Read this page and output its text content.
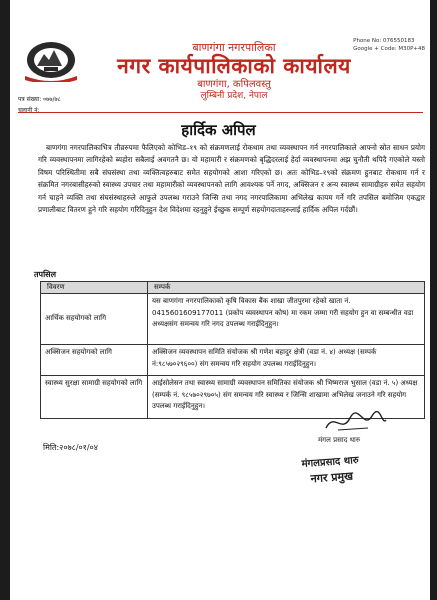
बाणगंगा नगरपालिका
नगर कार्यपालिकाको कार्यालय
बाणगंगा, कपिलवस्तु
लुम्बिनी प्रदेश, नेपाल
Phone No: 076550183
Google + Code: M30P+48
पत्र संख्या: ०७७/७८
चलानी नं:
हार्दिक अपिल

बाणगंगा नगरपालिकाभित्र तीव्ररुपमा फैलिएको कोभिड–१९ को संक्रमणलाई रोकथाम तथा व्यवस्थापन गर्न नगरपालिकाले आफ्नो स्रोत साधन प्रयोग गरि व्यवस्थापनमा लागिरहेको ब्यहोरा सबैलाई अवगतनै छ। यो महामारी र संक्रमणको बृद्धिदरलाई हेर्दा व्यवस्थापनमा अझ चुनौती थपिदै गएकोले यस्तो विषम परिस्थितीमा सबै संघसंस्था तथा व्यक्तित्वहरुबाट समेत सहयोगको आशा गरिएको छ। अतः कोभिड–१९को संक्रमण हुनबाट रोकथाम गर्न र संक्रमित नगरबासीहरुको स्वास्थ्य उपचार तथा महामारीको व्यवस्थापनको लागि आवश्यक पर्ने नगद, अक्सिजन र अन्य स्वास्थ्य सामाग्रीहरु समेत सहयोग गर्न चाहने व्यक्ति तथा संघसंस्थाहरुले आफुले उपलब्ध गराउने जिन्सि तथा नगद नगरपालिकामा अभिलेख कायम गर्ने गरि तपसिल बमोजिम एकद्वार प्रणालीबाट वितरण हुने गरि सहयोग गरिदिनुहुन देश विदेशमा रहनुहुने ईच्छुक सम्पूर्ण सहयोगदाताहरुलाई हार्दिक अपिल गर्दछौं।

तपसिल
विवरण	सम्पर्क
आर्थिक सहयोगको लागि	यस बाणगंगा नगरपालिकाको कृषि विकास बैंक शाखा जीतपुरमा रहेको खाता नं. 0415601609177011 (प्रकोप व्यवस्थापन कोष) मा रकम जम्मा गरी सहयोग हुन वा सम्बन्धीत वडा अध्यक्षसंग समन्वय गरि नगद उपलब्ध गराईदिनुहुन।
अक्सिजन सहयोगको लागि	अक्सिजन व्यवस्थापन समिति संयोजक श्री गणेश बहादुर क्षेत्री (वडा नं. ४) अध्यक्ष (सम्पर्क नं:९८५७०२९६००) संग समन्वय गरि सहयोग उपलब्ध गराईदिनुहुन।
स्वास्थ्य सुरक्षा सामाग्री सहयोगको लागि	आईसोलेसन तथा स्वास्थ्य सामाग्री व्यवस्थापन समितिका संयोजक श्री भिष्मराज भुसाल (वडा नं. ५) अध्यक्ष (सम्पर्क नं. ९८५७०२९७०५) संग समन्वय गरि स्वास्थ्य र जिन्सि शाखामा अभिलेख जनाउने गरि सहयोग उपलब्ध गराईदिनुहुन।
मंगल प्रसाद थारु
मंगलप्रसाद थारु
नगर प्रमुख
मिति:२०७८/०१/०४
